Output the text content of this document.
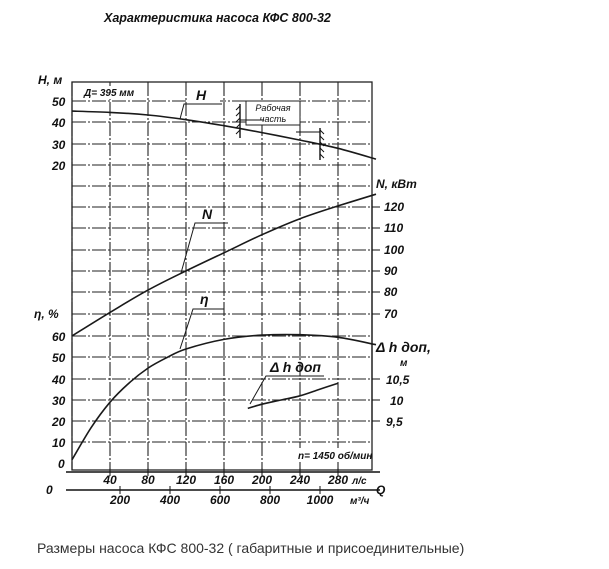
Характеристика насоса КФС 800-32
0
40 80 120 160 200 240 280 л/с
200 400 600 800 1000
Q
м³/ч
H, м
50
40
30
20
η, %
60
50
40
30
20
10
0
N, кВт
120
110
100
90
80
70
Δ h доп,
м
10,5
10
9,5
Д= 395 мм	H
N
η
Δ h доп
Рабочая
часть
n= 1450 об/мин
Размеры насоса КФС 800-32 ( габаритные и присоединительные)
